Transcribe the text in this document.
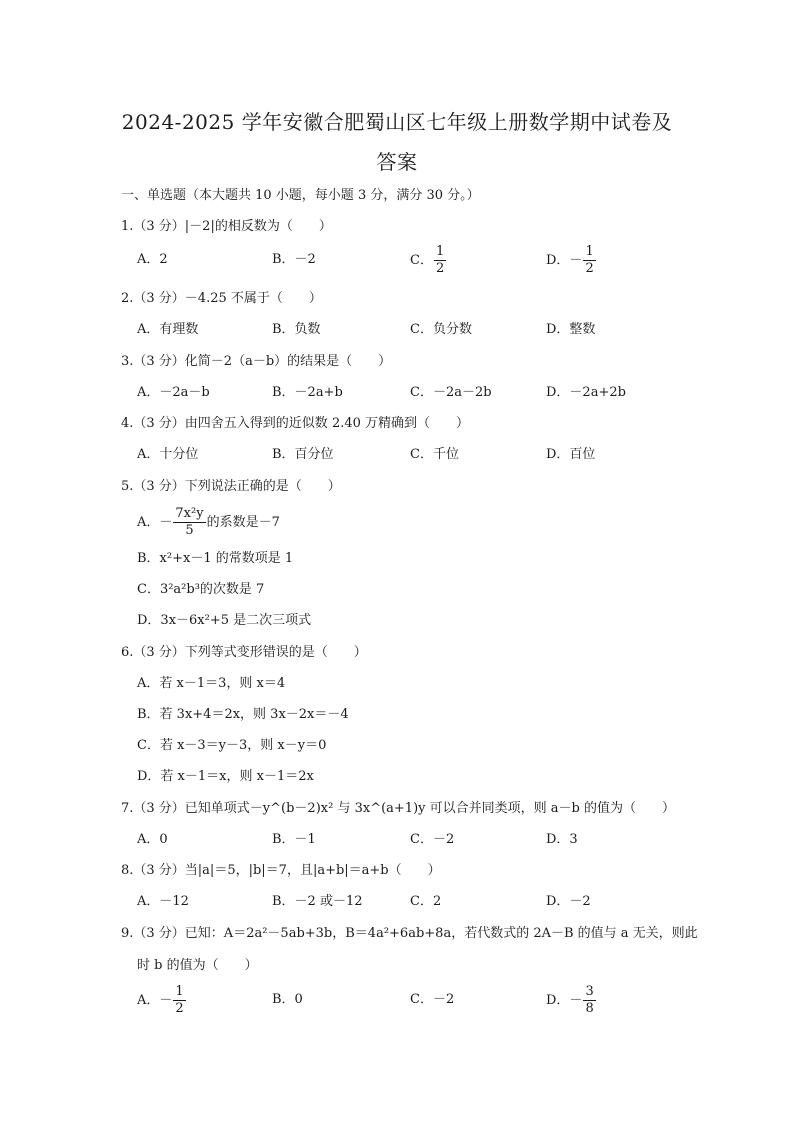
2024-2025 学年安徽合肥蜀山区七年级上册数学期中试卷及
答案
一、单选题（本大题共 10 小题，每小题 3 分，满分 30 分。）
1.（3 分）|－2|的相反数为（　　）
A．2	B．－2	C． $\frac{1}{2}$	D．－ $\frac{1}{2}$
2.（3 分）－4.25 不属于（　　）
A．有理数	B．负数	C．负分数	D．整数
3.（3 分）化简－2（a－b）的结果是（　　）
A．－2a－b	B．－2a+b	C．－2a－2b	D．－2a+2b
4.（3 分）由四舍五入得到的近似数 2.40 万精确到（　　）
A．十分位	B．百分位	C．千位	D．百位
5.（3 分）下列说法正确的是（　　）
A．－ $\frac{\text{7x²y}}{5}$ 的系数是－7
B．x²+x－1 的常数项是 1
C．3²a²b³的次数是 7
D．3x－6x²+5 是二次三项式
6.（3 分）下列等式变形错误的是（　　）
A．若 x－1＝3，则 x＝4
B．若 3x+4＝2x，则 3x－2x＝－4
C．若 x－3＝y－3，则 x－y＝0
D．若 x－1＝x，则 x－1＝2x
7.（3 分）已知单项式－y^(b－2)x² 与 3x^(a+1)y 可以合并同类项，则 a－b 的值为（　　）
A．0	B．－1	C．－2	D．3
8.（3 分）当|a|＝5，|b|＝7，且|a+b|＝a+b（　　）
A．－12	B．－2 或－12	C．2	D．－2
9.（3 分）已知：A＝2a²－5ab+3b，B＝4a²+6ab+8a，若代数式的 2A－B 的值与 a 无关，则此
时 b 的值为（　　）
A．－ $\frac{1}{2}$	B．0	C．－2	D．－ $\frac{3}{8}$
